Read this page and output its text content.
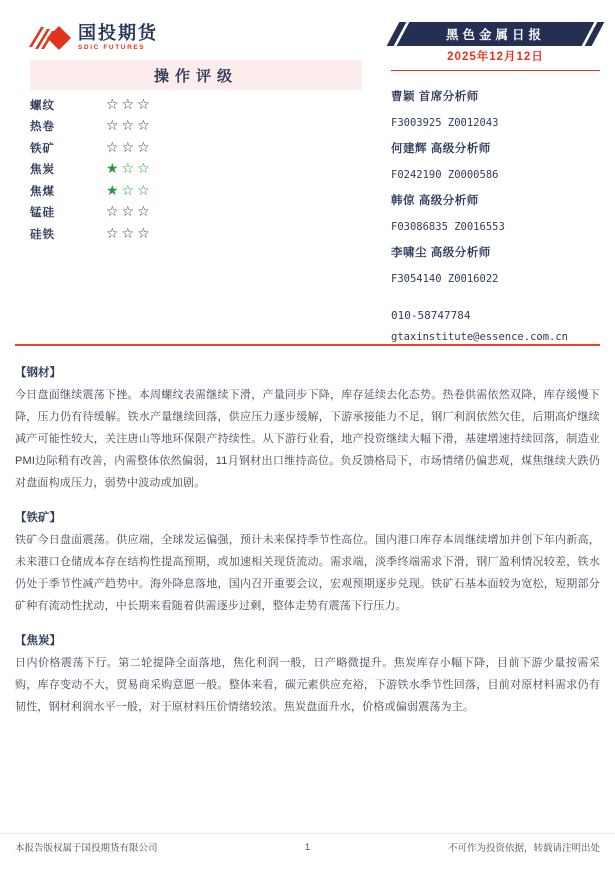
国投期货
SDIC FUTURES
黑色金属日报
2025年12月12日
操作评级
螺纹	☆☆☆
热卷	☆☆☆
铁矿	☆☆☆
焦炭	★☆☆
焦煤	★☆☆
锰硅	☆☆☆
硅铁	☆☆☆
曹颖 首席分析师
F3003925 Z0012043
何建辉 高级分析师
F0242190 Z0000586
韩倞 高级分析师
F03086835 Z0016553
李啸尘 高级分析师
F3054140 Z0016022
010-58747784
gtaxinstitute@essence.com.cn
【钢材】
今日盘面继续震荡下挫。本周螺纹表需继续下滑，产量同步下降，库存延续去化态势。热卷供需依然双降，库存缓慢下降，压力仍有待缓解。铁水产量继续回落，供应压力逐步缓解，下游承接能力不足，钢厂利润依然欠佳，后期高炉继续减产可能性较大，关注唐山等地环保限产持续性。从下游行业看，地产投资继续大幅下滑，基建增速持续回落，制造业PMI边际稍有改善，内需整体依然偏弱，11月钢材出口维持高位。负反馈格局下，市场情绪仍偏悲观，煤焦继续大跌仍对盘面构成压力，弱势中波动或加剧。
【铁矿】
铁矿今日盘面震荡。供应端，全球发运偏强，预计未来保持季节性高位。国内港口库存本周继续增加并创下年内新高，未来港口仓储成本存在结构性提高预期，或加速相关现货流动。需求端，淡季终端需求下滑，钢厂盈利情况较差，铁水仍处于季节性减产趋势中。海外降息落地，国内召开重要会议，宏观预期逐步兑现。铁矿石基本面较为宽松，短期部分矿种有流动性扰动，中长期来看随着供需逐步过剩，整体走势有震荡下行压力。
【焦炭】
日内价格震荡下行。第二轮提降全面落地，焦化利润一般，日产略微提升。焦炭库存小幅下降，目前下游少量按需采购，库存变动不大，贸易商采购意愿一般。整体来看，碳元素供应充裕，下游铁水季节性回落，目前对原材料需求仍有韧性，钢材利润水平一般，对于原材料压价情绪较浓。焦炭盘面升水，价格或偏弱震荡为主。
本报告版权属于国投期货有限公司	1	不可作为投资依据，转载请注明出处
